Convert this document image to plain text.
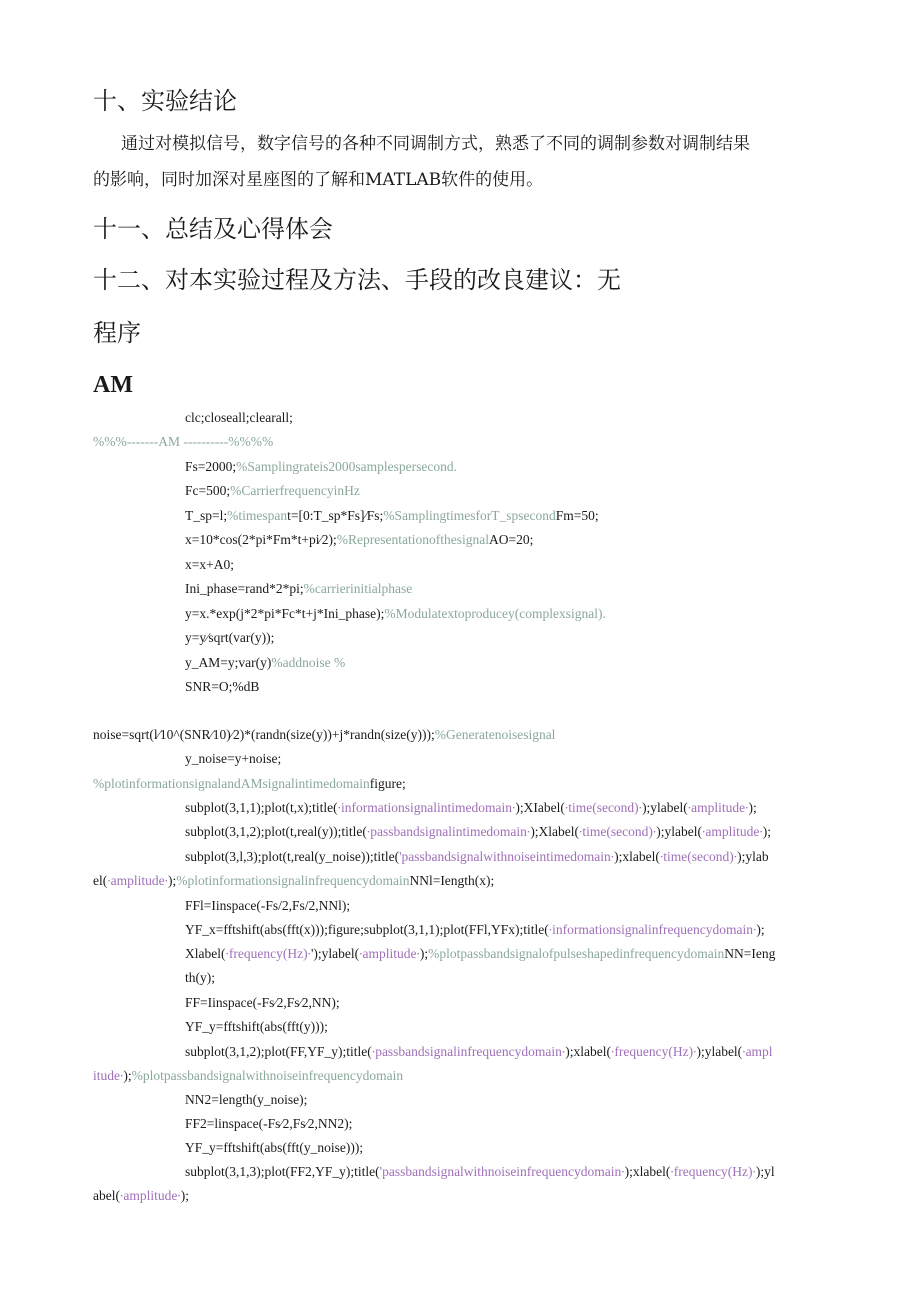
十、实验结论
通过对模拟信号，数字信号的各种不同调制方式，熟悉了不同的调制参数对调制结果
的影响，同时加深对星座图的了解和MATLAB软件的使用。
十一、总结及心得体会
十二、对本实验过程及方法、手段的改良建议：无
程序
AM
clc;closeall;clearall;
%%%-------AM ----------%%%%
Fs=2000;%Samplingrateis2000samplespersecond.
Fc=500;%CarrierfrequencyinHz
T_sp=l;%timespant=[0:T_sp*Fs]∕Fs;%SamplingtimesforT_spsecondFm=50;
x=10*cos(2*pi*Fm*t+pi∕2);%RepresentationofthesignalAO=20;
x=x+A0;
Ini_phase=rand*2*pi;%carrierinitialphase
y=x.*exp(j*2*pi*Fc*t+j*Ini_phase);%Modulatextoproducey(complexsignal).
y=y∕sqrt(var(y));
y_AM=y;var(y)%addnoise %
SNR=O;%dB
noise=sqrt(l∕10^(SNR∕10)∕2)*(randn(size(y))+j*randn(size(y)));%Generatenoisesignal
y_noise=y+noise;
%plotinformationsignalandAMsignalintimedomainfigure;
subplot(3,1,1);plot(t,x);title(∙informationsignalintimedomain∙);XIabel(∙time(second)∙);ylabel(∙amplitude∙);
subplot(3,1,2);plot(t,real(y));title(∙passbandsignalintimedomain∙);Xlabel(∙time(second)∙);ylabel(∙amplitude∙);
subplot(3,l,3);plot(t,real(y_noise));title('passbandsignalwithnoiseintimedomain∙);xlabel(∙time(second)∙);ylab
el(∙amplitude∙);%plotinformationsignalinfrequencydomainNNl=Iength(x);
FFl=Iinspace(-Fs/2,Fs/2,NNl);
YF_x=fftshift(abs(fft(x)));figure;subplot(3,1,1);plot(FFl,YFx);title(∙informationsignalinfrequencydomain∙);
Xlabel(∙frequency(Hz)∙');ylabel(∙amplitude∙);%plotpassbandsignalofpulseshapedinfrequencydomainNN=Ieng
th(y);
FF=Iinspace(-Fs∕2,Fs∕2,NN);
YF_y=fftshift(abs(fft(y)));
subplot(3,1,2);plot(FF,YF_y);title(∙passbandsignalinfrequencydomain∙);xlabel(∙frequency(Hz)∙);ylabel(∙ampl
itude∙);%plotpassbandsignalwithnoiseinfrequencydomain
NN2=length(y_noise);
FF2=linspace(-Fs∕2,Fs∕2,NN2);
YF_y=fftshift(abs(fft(y_noise)));
subplot(3,1,3);plot(FF2,YF_y);title('passbandsignalwithnoiseinfrequencydomain∙);xlabel(∙frequency(Hz)∙);yl
abel(∙amplitude∙);
